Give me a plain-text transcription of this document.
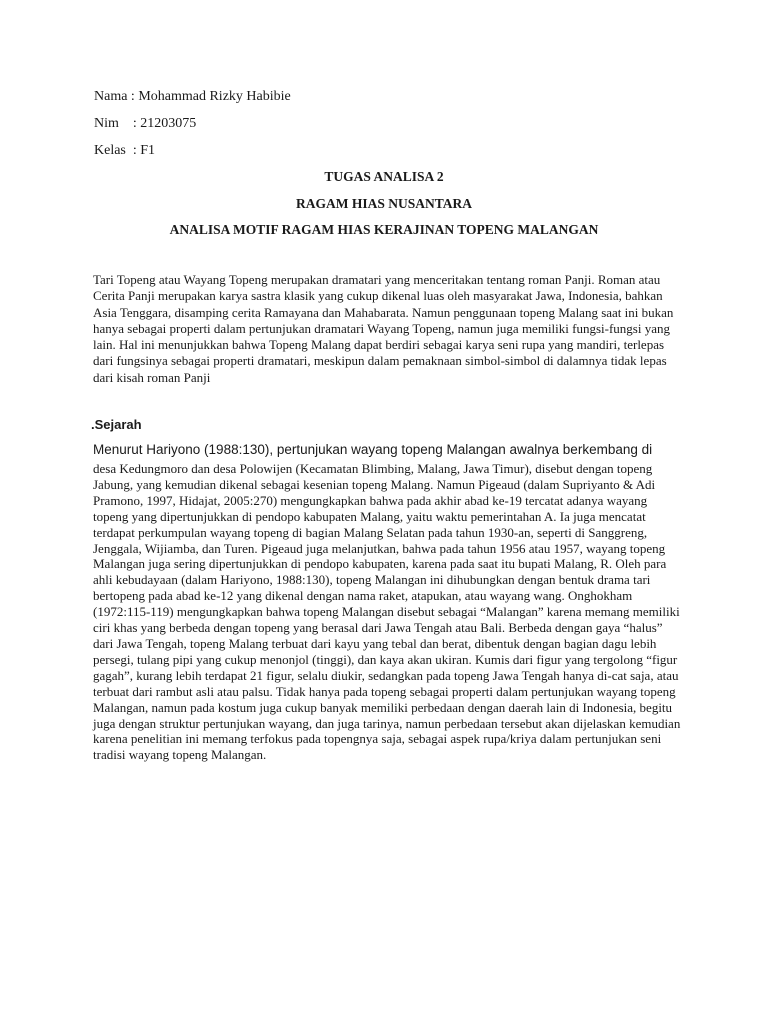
Nama : Mohammad Rizky Habibie
Nim    : 21203075
Kelas  : F1
TUGAS ANALISA 2
RAGAM HIAS NUSANTARA
ANALISA MOTIF RAGAM HIAS KERAJINAN TOPENG MALANGAN
Tari Topeng atau Wayang Topeng merupakan dramatari yang menceritakan tentang roman Panji. Roman atau Cerita Panji merupakan karya sastra klasik yang cukup dikenal luas oleh masyarakat Jawa, Indonesia, bahkan Asia Tenggara, disamping cerita Ramayana dan Mahabarata. Namun penggunaan topeng Malang saat ini bukan hanya sebagai properti dalam pertunjukan dramatari Wayang Topeng, namun juga memiliki fungsi-fungsi yang lain. Hal ini menunjukkan bahwa Topeng Malang dapat berdiri sebagai karya seni rupa yang mandiri, terlepas dari fungsinya sebagai properti dramatari, meskipun dalam pemaknaan simbol-simbol di dalamnya tidak lepas dari kisah roman Panji
.Sejarah
Menurut Hariyono (1988:130), pertunjukan wayang topeng Malangan awalnya berkembang di
desa Kedungmoro dan desa Polowijen (Kecamatan Blimbing, Malang, Jawa Timur), disebut dengan topeng Jabung, yang kemudian dikenal sebagai kesenian topeng Malang. Namun Pigeaud (dalam Supriyanto & Adi Pramono, 1997, Hidajat, 2005:270) mengungkapkan bahwa pada akhir abad ke-19 tercatat adanya wayang topeng yang dipertunjukkan di pendopo kabupaten Malang, yaitu waktu pemerintahan A. Ia juga mencatat terdapat perkumpulan wayang topeng di bagian Malang Selatan pada tahun 1930-an, seperti di Sanggreng, Jenggala, Wijiamba, dan Turen. Pigeaud juga melanjutkan, bahwa pada tahun 1956 atau 1957, wayang topeng Malangan juga sering dipertunjukkan di pendopo kabupaten, karena pada saat itu bupati Malang, R. Oleh para ahli kebudayaan (dalam Hariyono, 1988:130), topeng Malangan ini dihubungkan dengan bentuk drama tari bertopeng pada abad ke-12 yang dikenal dengan nama raket, atapukan, atau wayang wang. Onghokham (1972:115-119) mengungkapkan bahwa topeng Malangan disebut sebagai “Malangan” karena memang memiliki ciri khas yang berbeda dengan topeng yang berasal dari Jawa Tengah atau Bali. Berbeda dengan gaya “halus” dari Jawa Tengah, topeng Malang terbuat dari kayu yang tebal dan berat, dibentuk dengan bagian dagu lebih persegi, tulang pipi yang cukup menonjol (tinggi), dan kaya akan ukiran. Kumis dari figur yang tergolong “figur gagah”, kurang lebih terdapat 21 figur, selalu diukir, sedangkan pada topeng Jawa Tengah hanya di-cat saja, atau terbuat dari rambut asli atau palsu. Tidak hanya pada topeng sebagai properti dalam pertunjukan wayang topeng Malangan, namun pada kostum juga cukup banyak memiliki perbedaan dengan daerah lain di Indonesia, begitu juga dengan struktur pertunjukan wayang, dan juga tarinya, namun perbedaan tersebut akan dijelaskan kemudian karena penelitian ini memang terfokus pada topengnya saja, sebagai aspek rupa/kriya dalam pertunjukan seni tradisi wayang topeng Malangan.
